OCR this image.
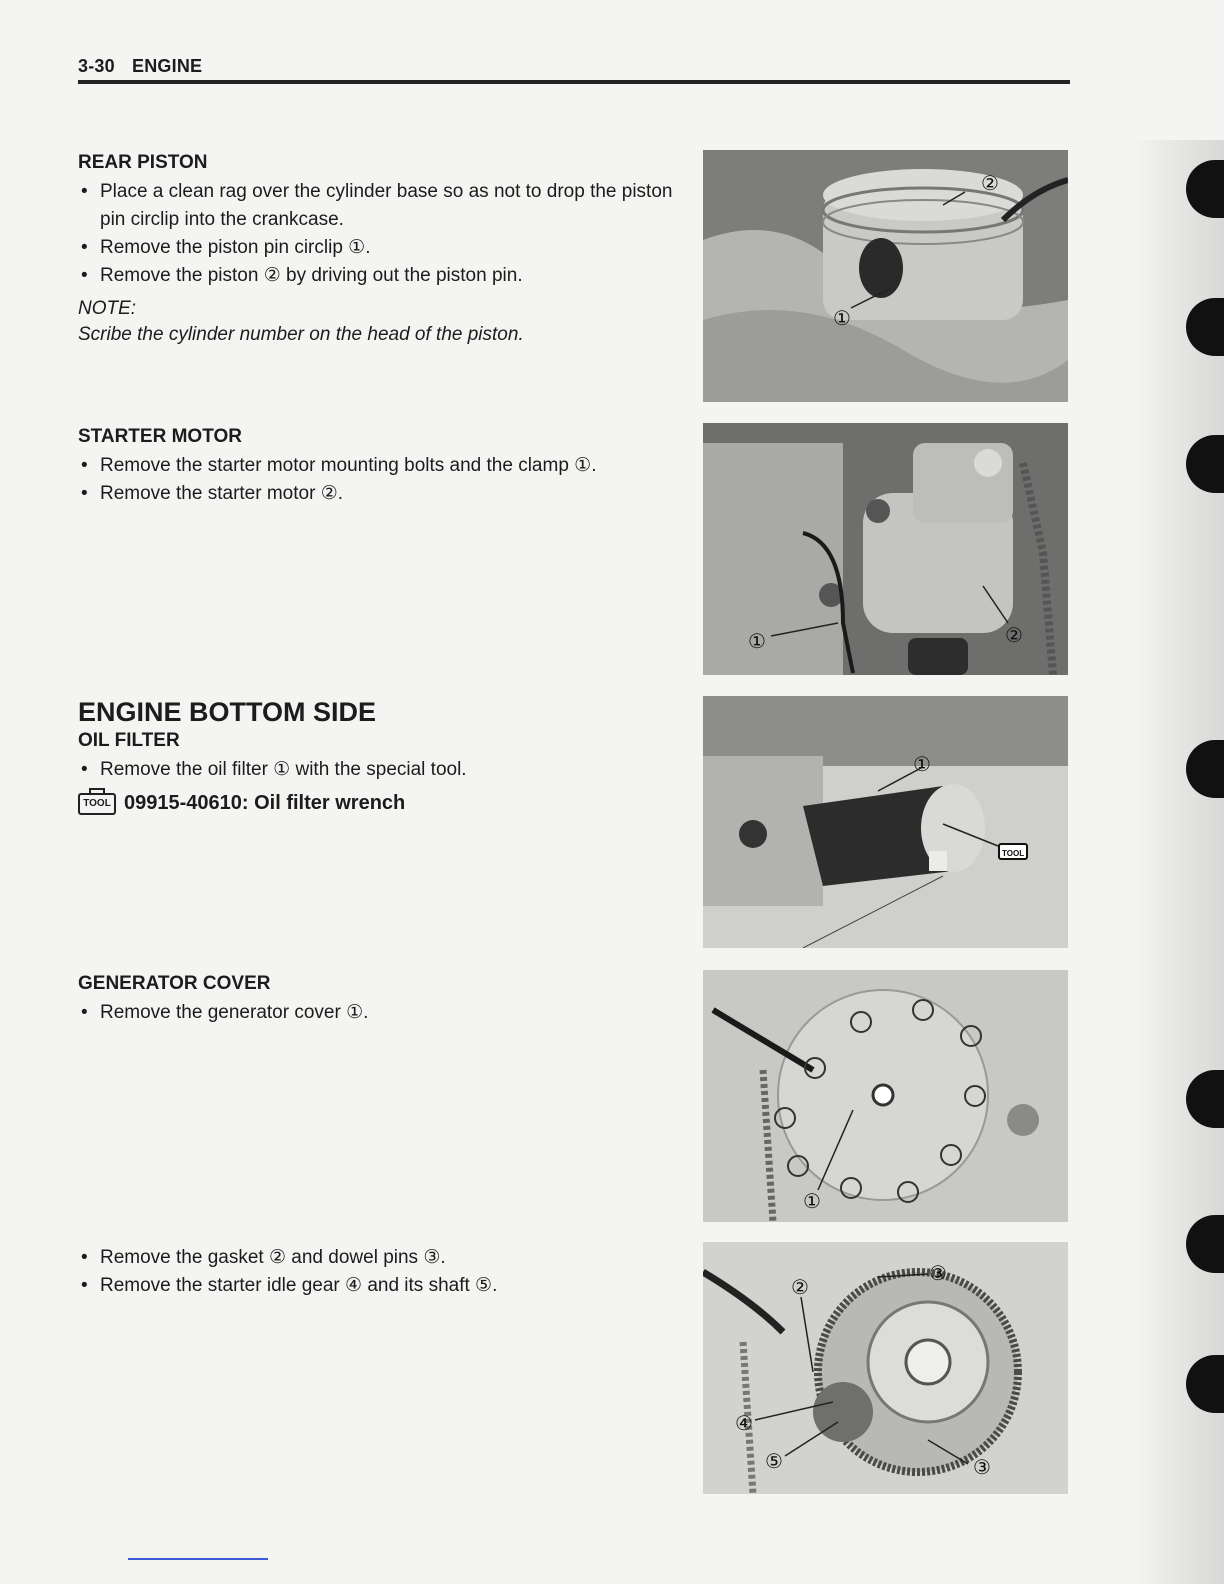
3-30 ENGINE

REAR PISTON

• Place a clean rag over the cylinder base so as not to drop the piston pin circlip into the crankcase.

• Remove the piston pin circlip ①.

• Remove the piston ② by driving out the piston pin.

NOTE:

Scribe the cylinder number on the head of the piston.

STARTER MOTOR

• Remove the starter motor mounting bolts and the clamp ①.

• Remove the starter motor ②.

ENGINE BOTTOM SIDE

OIL FILTER

• Remove the oil filter ① with the special tool.

TOOL 09915-40610: Oil filter wrench

GENERATOR COVER

• Remove the generator cover ①.

• Remove the gasket ② and dowel pins ③.

• Remove the starter idle gear ④ and its shaft ⑤.

②
①
①	②
①
TOOL
①
③
②
④
⑤	③
